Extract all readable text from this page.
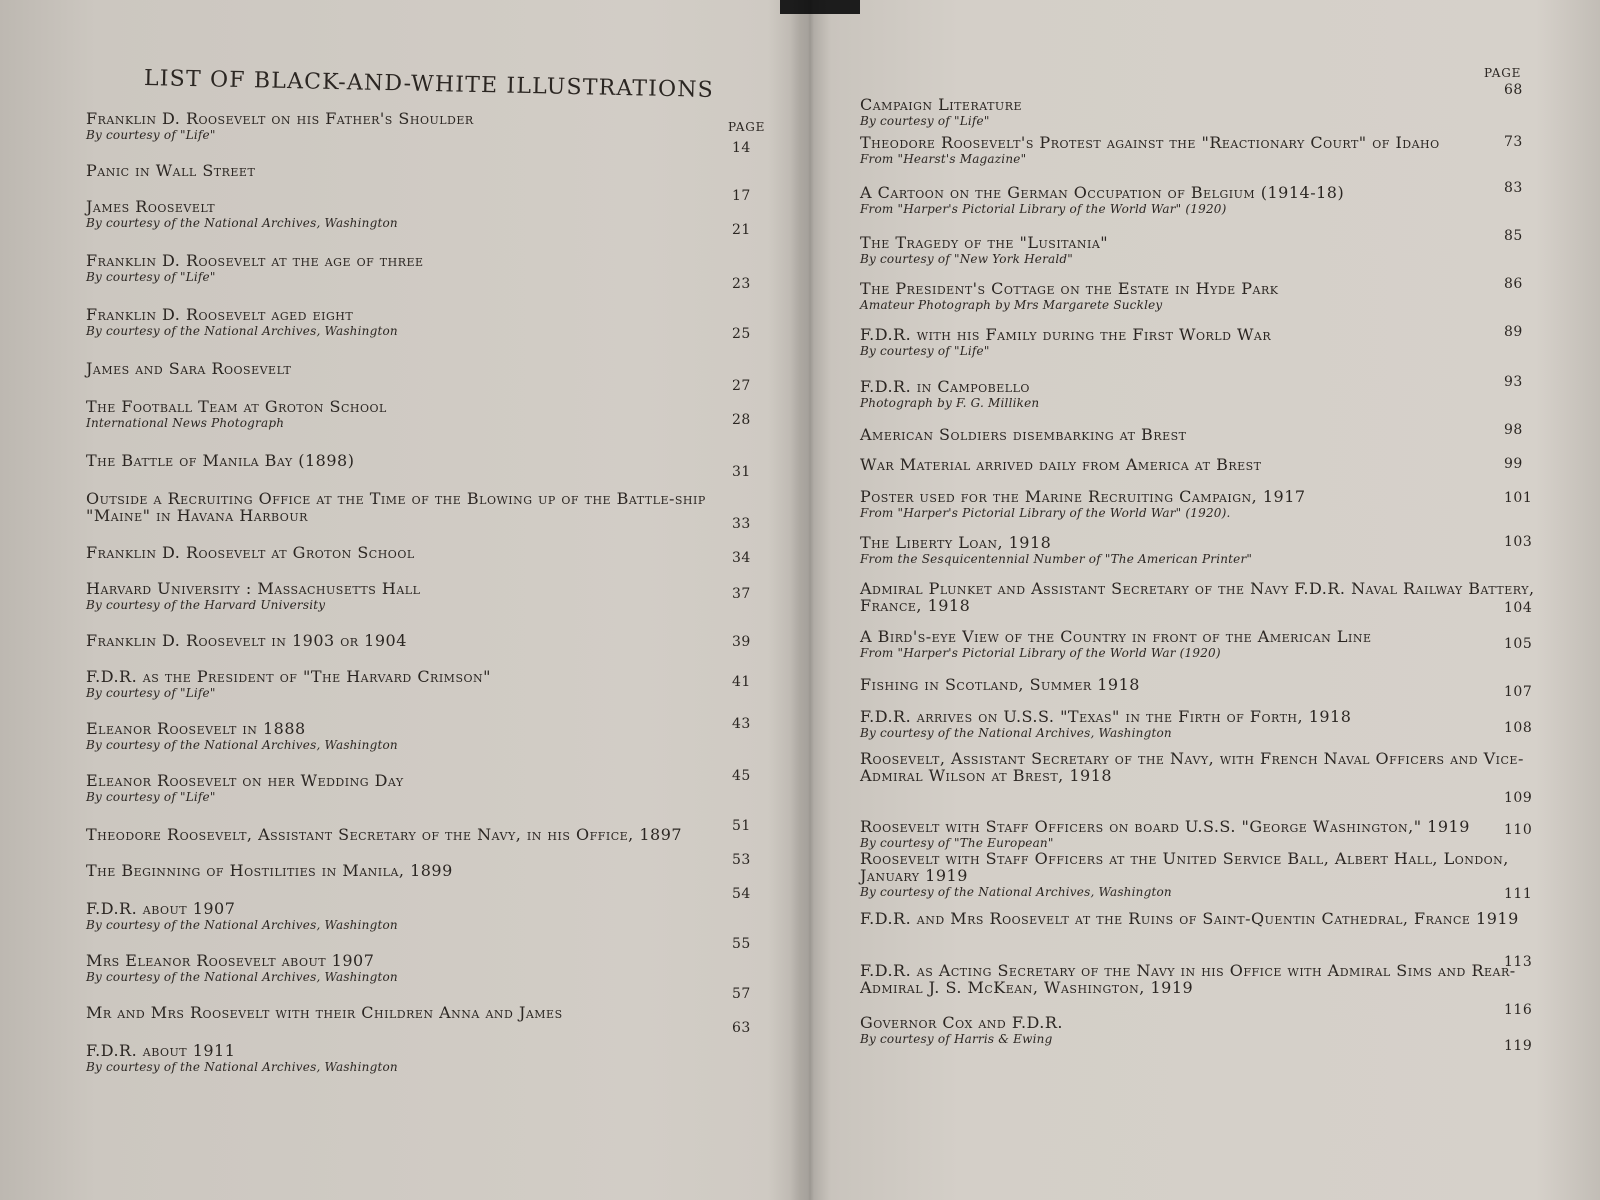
LIST OF BLACK-AND-WHITE ILLUSTRATIONS
PAGE
Franklin D. Roosevelt on his Father's Shoulder
By courtesy of "Life"
Panic in Wall Street
James Roosevelt
By courtesy of the National Archives, Washington
Franklin D. Roosevelt at the age of three
By courtesy of "Life"
Franklin D. Roosevelt aged eight
By courtesy of the National Archives, Washington
James and Sara Roosevelt
The Football Team at Groton School
International News Photograph
The Battle of Manila Bay (1898)
Outside a Recruiting Office at the Time of the Blowing up of the Battle-ship "Maine" in Havana Harbour
Franklin D. Roosevelt at Groton School
Harvard University : Massachusetts Hall
By courtesy of the Harvard University
Franklin D. Roosevelt in 1903 or 1904
F.D.R. as the President of "The Harvard Crimson"
By courtesy of "Life"
Eleanor Roosevelt in 1888
By courtesy of the National Archives, Washington
Eleanor Roosevelt on her Wedding Day
By courtesy of "Life"
Theodore Roosevelt, Assistant Secretary of the Navy, in his Office, 1897
The Beginning of Hostilities in Manila, 1899
F.D.R. about 1907
By courtesy of the National Archives, Washington
Mrs Eleanor Roosevelt about 1907
By courtesy of the National Archives, Washington
Mr and Mrs Roosevelt with their Children Anna and James
F.D.R. about 1911
By courtesy of the National Archives, Washington
14
17
21
23
25
27
28
31
33
34
37
39
41
43
45
51
53
54
55
57
63
PAGE
Campaign Literature
By courtesy of "Life"
Theodore Roosevelt's Protest against the "Reactionary Court" of Idaho
From "Hearst's Magazine"
A Cartoon on the German Occupation of Belgium (1914-18)
From "Harper's Pictorial Library of the World War" (1920)
The Tragedy of the "Lusitania"
By courtesy of "New York Herald"
The President's Cottage on the Estate in Hyde Park
Amateur Photograph by Mrs Margarete Suckley
F.D.R. with his Family during the First World War
By courtesy of "Life"
F.D.R. in Campobello
Photograph by F. G. Milliken
American Soldiers disembarking at Brest
War Material arrived daily from America at Brest
Poster used for the Marine Recruiting Campaign, 1917
From "Harper's Pictorial Library of the World War" (1920).
The Liberty Loan, 1918
From the Sesquicentennial Number of "The American Printer"
Admiral Plunket and Assistant Secretary of the Navy F.D.R. Naval Railway Battery, France, 1918
A Bird's-eye View of the Country in front of the American Line
From "Harper's Pictorial Library of the World War (1920)
Fishing in Scotland, Summer 1918
F.D.R. arrives on U.S.S. "Texas" in the Firth of Forth, 1918
By courtesy of the National Archives, Washington
Roosevelt, Assistant Secretary of the Navy, with French Naval Officers and Vice-Admiral Wilson at Brest, 1918
Roosevelt with Staff Officers on board U.S.S. "George Washington," 1919
By courtesy of "The European"
Roosevelt with Staff Officers at the United Service Ball, Albert Hall, London, January 1919
By courtesy of the National Archives, Washington
F.D.R. and Mrs Roosevelt at the Ruins of Saint-Quentin Cathedral, France 1919
F.D.R. as Acting Secretary of the Navy in his Office with Admiral Sims and Rear-Admiral J. S. McKean, Washington, 1919
Governor Cox and F.D.R.
By courtesy of Harris & Ewing
68
73
83
85
86
89
93
98
99
101
103
104
105
107
108
109
110
111
113
116
119
